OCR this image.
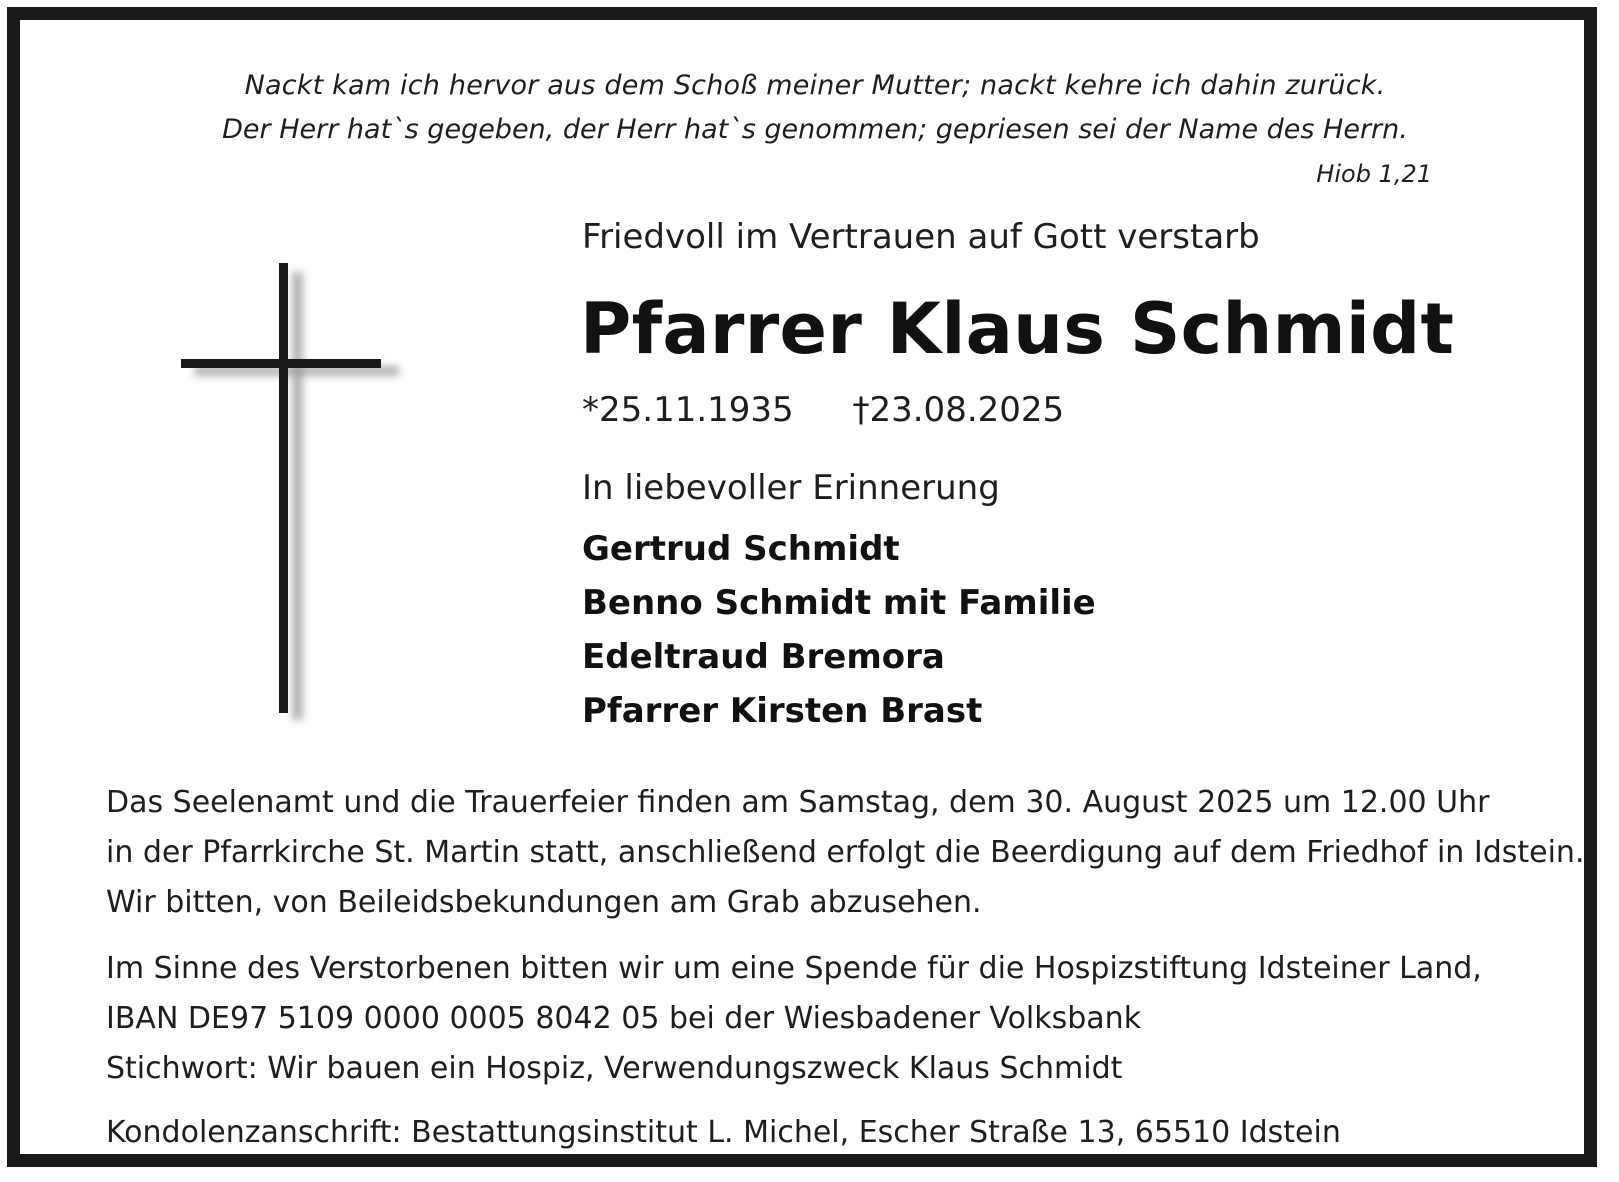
Nackt kam ich hervor aus dem Schoß meiner Mutter; nackt kehre ich dahin zurück.
Der Herr hat`s gegeben, der Herr hat`s genommen; gepriesen sei der Name des Herrn.
Hiob 1,21
Friedvoll im Vertrauen auf Gott verstarb
Pfarrer Klaus Schmidt
*25.11.1935 †23.08.2025
In liebevoller Erinnerung
Gertrud Schmidt
Benno Schmidt mit Familie
Edeltraud Bremora
Pfarrer Kirsten Brast
Das Seelenamt und die Trauerfeier finden am Samstag, dem 30. August 2025 um 12.00 Uhr
in der Pfarrkirche St. Martin statt, anschließend erfolgt die Beerdigung auf dem Friedhof in Idstein.
Wir bitten, von Beileidsbekundungen am Grab abzusehen.
Im Sinne des Verstorbenen bitten wir um eine Spende für die Hospizstiftung Idsteiner Land,
IBAN DE97 5109 0000 0005 8042 05 bei der Wiesbadener Volksbank
Stichwort: Wir bauen ein Hospiz, Verwendungszweck Klaus Schmidt
Kondolenzanschrift: Bestattungsinstitut L. Michel, Escher Straße 13, 65510 Idstein
